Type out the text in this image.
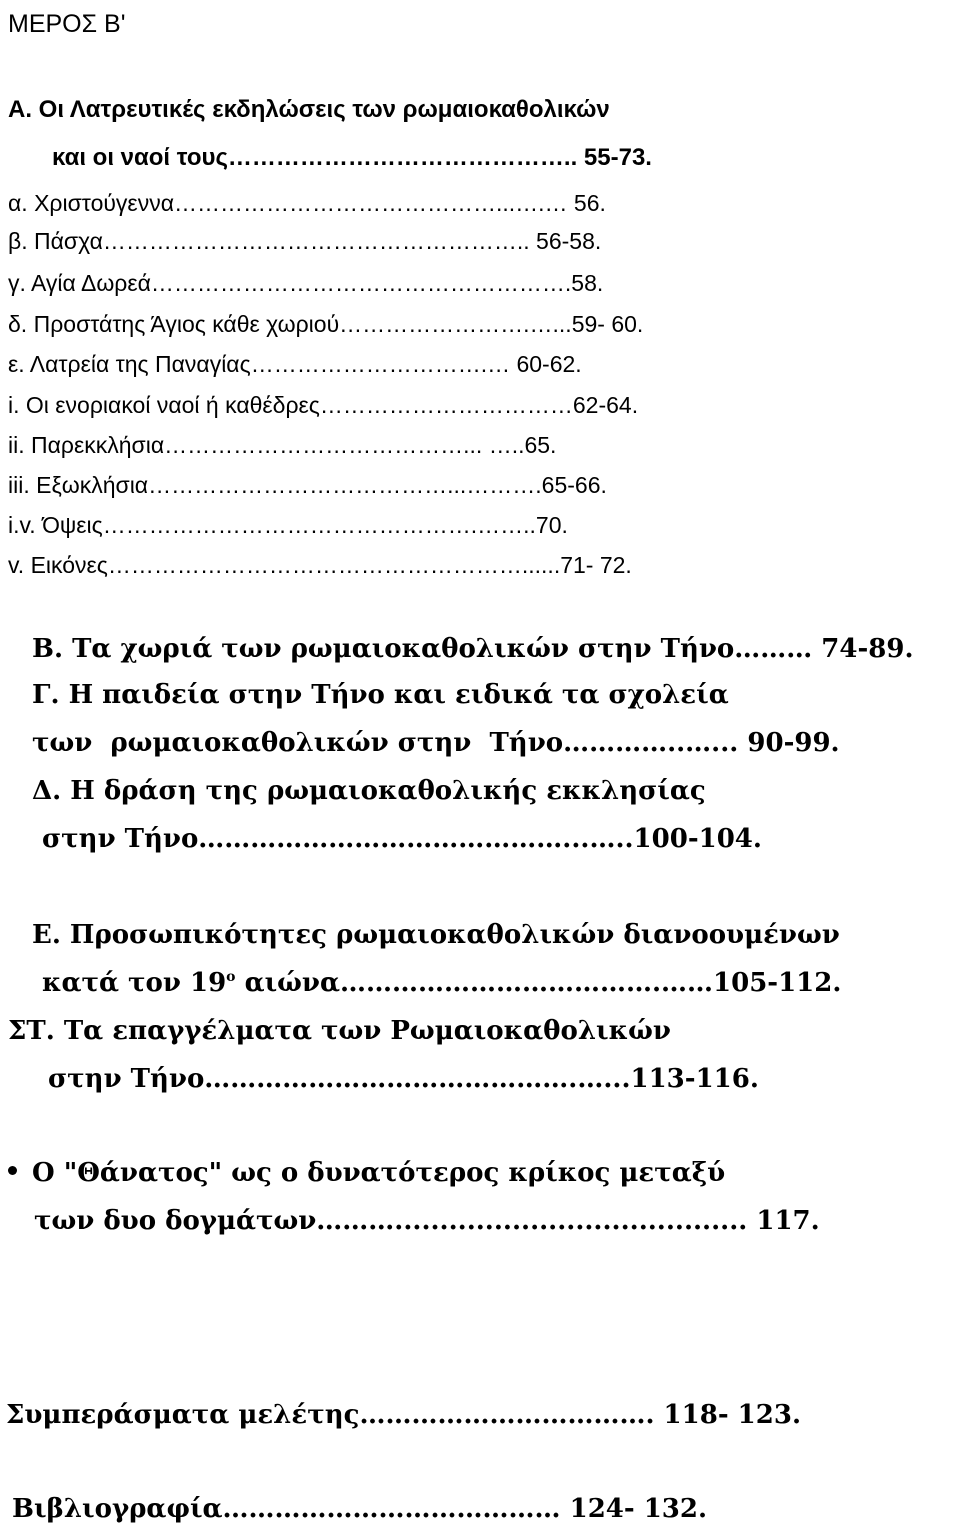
ΜΕΡΟΣ Β'
Α. Οι Λατρευτικές εκδηλώσεις των ρωμαιοκαθολικών
και οι ναοί τους…………………………………….. 55-73.
α. Χριστούγεννα……………………………………...….… 56.
β. Πάσχα……………………………………………….. 56-58.
γ. Αγία Δωρεά……………………………………………….58.
δ. Προστάτης Άγιος κάθε χωριού…………………….…...59- 60.
ε. Λατρεία της Παναγίας………………………….… 60-62.
i. Οι ενοριακοί ναοί ή καθέδρες……………………………62-64.
ii. Παρεκκλήσια…………………………………... …..65.
iii. Εξωκλήσια…………………………………...……….65-66.
i.v. Όψεις………………………………………….……..70.
v. Εικόνες………………………………………………......71- 72.
Β. Τα χωριά των ρωμαιοκαθολικών στην Τήνο……… 74-89.
Γ. Η παιδεία στην Τήνο και ειδικά τα σχολεία
των  ρωμαιοκαθολικών στην  Τήνο…………..…... 90-99.
Δ. Η δράση της ρωμαιοκαθολικής εκκλησίας
στην Τήνο……………………………………...…..100-104.
Ε. Προσωπικότητες ρωμαιοκαθολικών διανοουμένων
κατά τον $19^o$ αιώνα……………………………….……105-112.
ΣΤ. Τα επαγγέλματα των Ρωμαιοκαθολικών
στην Τήνο…………………………………….…...113-116.
Ο "Θάνατος" ως ο δυνατότερος κρίκος μεταξύ
των δυο δογμάτων………....................................... 117.
Συμπεράσματα μελέτης……………………………. 118- 123.
Βιβλιογραφία………………………………… 124- 132.
